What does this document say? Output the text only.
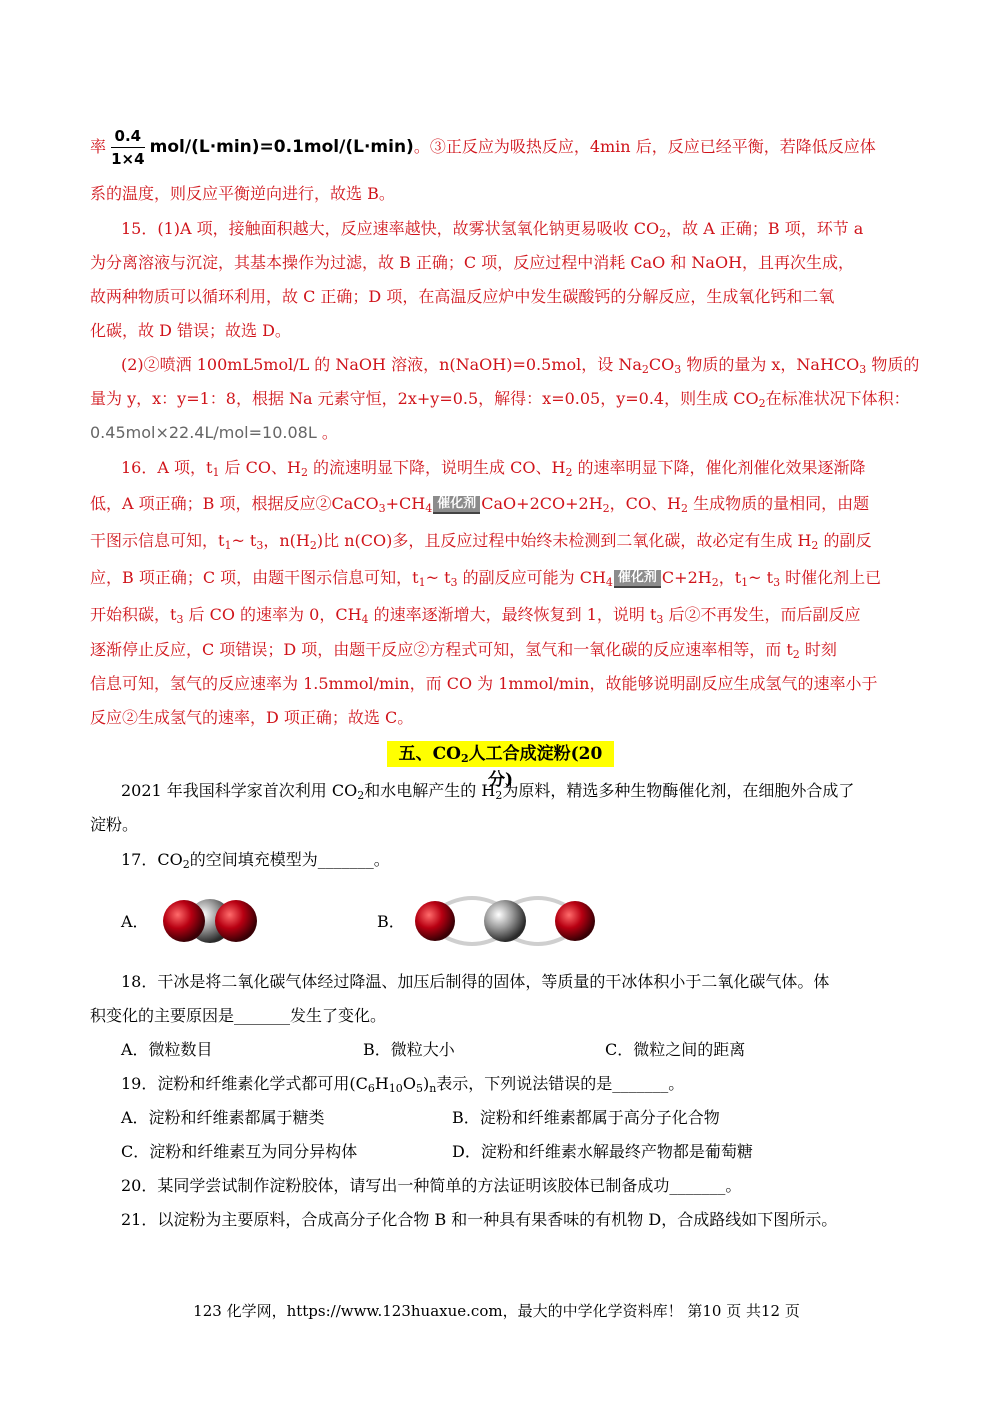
率 $\frac{0.4}{1\times 4} mol/(L\cdot\min)=0.1mol/(L\cdot\min)$。③正反应为吸热反应，4min 后，反应已经平衡，若降低反应体
系的温度，则反应平衡逆向进行，故选 B。
15．(1)A 项，接触面积越大，反应速率越快，故雾状氢氧化钠更易吸收 $CO_2$，故 A 正确；B 项，环节 a
为分离溶液与沉淀，其基本操作为过滤，故 B 正确；C 项，反应过程中消耗 CaO 和 NaOH，且再次生成，
故两种物质可以循环利用，故 C 正确；D 项，在高温反应炉中发生碳酸钙的分解反应，生成氧化钙和二氧
化碳，故 D 错误；故选 D。
(2)②喷洒 100mL5mol/L 的 NaOH 溶液，n(NaOH)=0.5mol，设 $Na_2CO_3$ 物质的量为 x，NaHCO$_3$ 物质的
量为 y，x：y=1：8，根据 Na 元素守恒，2x+y=0.5，解得：x=0.05，y=0.4，则生成 $CO_2$在标准状况下体积：
0.45mol×22.4L/mol=10.08L 。
16．A 项，$t_1$ 后 CO、$H_2$ 的流速明显下降，说明生成 CO、$H_2$ 的速率明显下降，催化剂催化效果逐渐降
低，A 项正确；B 项，根据反应$②CaCO_3+CH_4$ 催化剂 $CaO+2CO+2H_2$，CO、$H_2$ 生成物质的量相同，由题
干图示信息可知，$t_1\sim$ $t_3$，$n(H_2)$比 n(CO)多，且反应过程中始终未检测到二氧化碳，故必定有生成 $H_2$ 的副反
应，B 项正确；C 项，由题干图示信息可知，$t_1\sim$ $t_3$ 的副反应可能为 $CH_4$ 催化剂 $C+2H_2$，$t_1\sim$ $t_3$ 时催化剂上已
开始积碳，$t_3$ 后 CO 的速率为 0，$CH_4$ 的速率逐渐增大，最终恢复到 1，说明 $t_3$ 后②不再发生，而后副反应
逐渐停止反应，C 项错误；D 项，由题干反应②方程式可知，氢气和一氧化碳的反应速率相等，而 $t_2$ 时刻
信息可知，氢气的反应速率为 1.5mmol/min，而 CO 为 1mmol/min，故能够说明副反应生成氢气的速率小于
反应②生成氢气的速率，D 项正确；故选 C。
五、$CO_2$人工合成淀粉(20 分)
2021 年我国科学家首次利用 $CO_2$和水电解产生的 $H_2$为原料，精选多种生物酶催化剂，在细胞外合成了
淀粉。
17．$CO_2$的空间填充模型为_______。
A．	B．
18．干冰是将二氧化碳气体经过降温、加压后制得的固体，等质量的干冰体积小于二氧化碳气体。体
积变化的主要原因是_______发生了变化。
A．微粒数目	B．微粒大小	C．微粒之间的距离
19．淀粉和纤维素化学式都可用$(C_6H_{10}O_5)_n$表示，下列说法错误的是_______。
A．淀粉和纤维素都属于糖类	B．淀粉和纤维素都属于高分子化合物
C．淀粉和纤维素互为同分异构体	D．淀粉和纤维素水解最终产物都是葡萄糖
20．某同学尝试制作淀粉胶体，请写出一种简单的方法证明该胶体已制备成功_______。
21．以淀粉为主要原料，合成高分子化合物 B 和一种具有果香味的有机物 D，合成路线如下图所示。
123 化学网，https://www.123huaxue.com，最大的中学化学资料库！ 第10 页 共12 页
